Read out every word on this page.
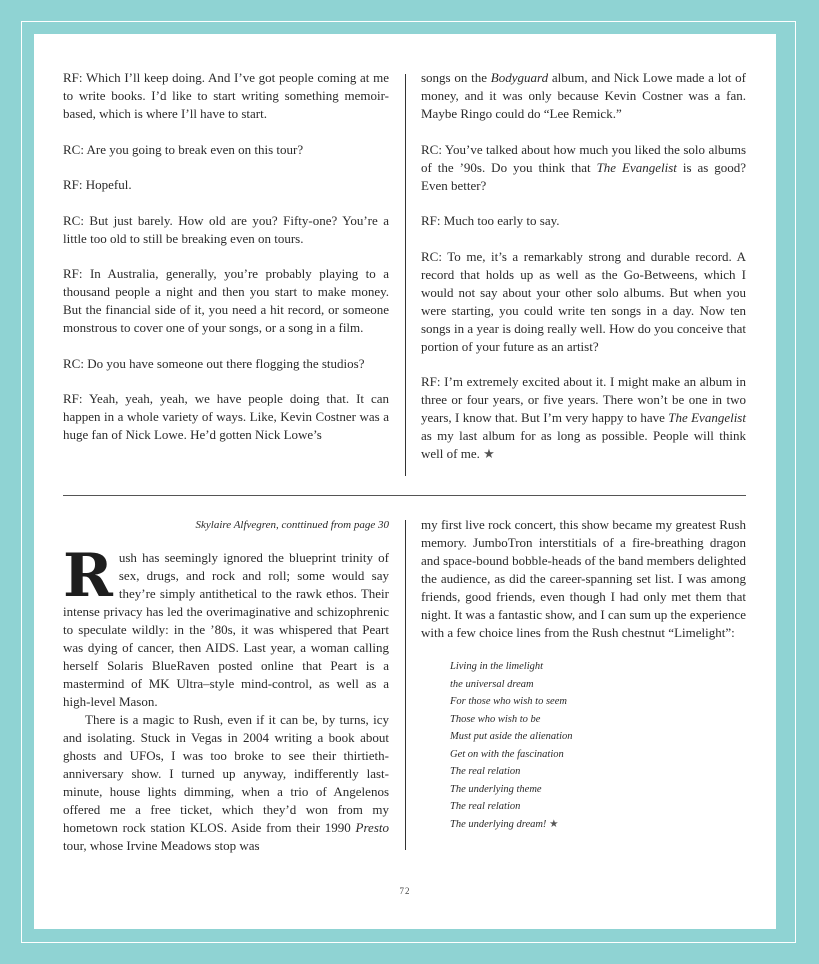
RF: Which I’ll keep doing. And I’ve got people coming at me to write books. I’d like to start writing something memoir-based, which is where I’ll have to start.

RC: Are you going to break even on this tour?

RF: Hopeful.

RC: But just barely. How old are you? Fifty-one? You’re a little too old to still be breaking even on tours.

RF: In Australia, generally, you’re probably playing to a thousand people a night and then you start to make money. But the financial side of it, you need a hit record, or someone monstrous to cover one of your songs, or a song in a film.

RC: Do you have someone out there flogging the studios?

RF: Yeah, yeah, yeah, we have people doing that. It can happen in a whole variety of ways. Like, Kevin Costner was a huge fan of Nick Lowe. He’d gotten Nick Lowe’s

songs on the Bodyguard album, and Nick Lowe made a lot of money, and it was only because Kevin Costner was a fan. Maybe Ringo could do “Lee Remick.”

RC: You’ve talked about how much you liked the solo albums of the ’90s. Do you think that The Evangelist is as good? Even better?

RF: Much too early to say.

RC: To me, it’s a remarkably strong and durable record. A record that holds up as well as the Go-Betweens, which I would not say about your other solo albums. But when you were starting, you could write ten songs in a day. Now ten songs in a year is doing really well. How do you conceive that portion of your future as an artist?

RF: I’m extremely excited about it. I might make an album in three or four years, or five years. There won’t be one in two years, I know that. But I’m very happy to have The Evangelist as my last album for as long as possible. People will think well of me. ★

Skylaire Alfvegren, conttinued from page 30

Rush has seemingly ignored the blueprint trinity of sex, drugs, and rock and roll; some would say they’re simply antithetical to the rawk ethos. Their intense privacy has led the overimaginative and schizophrenic to speculate wildly: in the ’80s, it was whispered that Peart was dying of cancer, then AIDS. Last year, a woman calling herself Solaris BlueRaven posted online that Peart is a mastermind of MK Ultra–style mind-control, as well as a high-level Mason.

There is a magic to Rush, even if it can be, by turns, icy and isolating. Stuck in Vegas in 2004 writing a book about ghosts and UFOs, I was too broke to see their thirtieth-anniversary show. I turned up anyway, indifferently last-minute, house lights dimming, when a trio of Angelenos offered me a free ticket, which they’d won from my hometown rock station KLOS. Aside from their 1990 Presto tour, whose Irvine Meadows stop was

my first live rock concert, this show became my greatest Rush memory. JumboTron interstitials of a fire-breathing dragon and space-bound bobble-heads of the band members delighted the audience, as did the career-spanning set list. I was among friends, good friends, even though I had only met them that night. It was a fantastic show, and I can sum up the experience with a few choice lines from the Rush chestnut “Limelight”:

Living in the limelight
the universal dream
For those who wish to seem
Those who wish to be
Must put aside the alienation
Get on with the fascination
The real relation
The underlying theme
The real relation
The underlying dream! ★
72
